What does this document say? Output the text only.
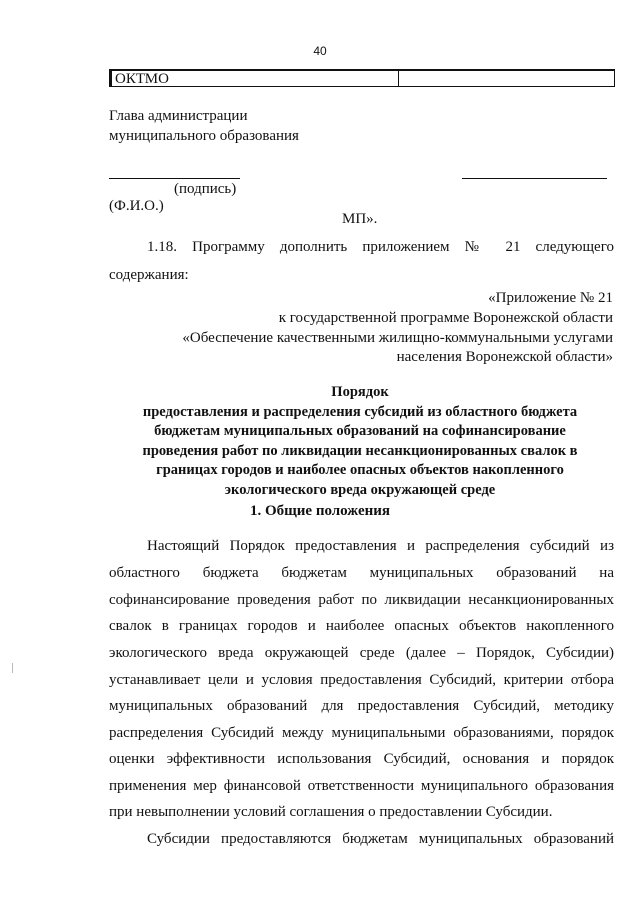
40
ОКТМО
Глава администрации
муниципального образования
(подпись)
(Ф.И.О.)
МП».
1.18. Программу дополнить приложением № 21 следующего
содержания:
«Приложение № 21
к государственной программе Воронежской области
«Обеспечение качественными жилищно-коммунальными услугами
населения Воронежской области»
Порядок
предоставления и распределения субсидий из областного бюджета
бюджетам муниципальных образований на софинансирование
проведения работ по ликвидации несанкционированных свалок в
границах городов и наиболее опасных объектов накопленного
экологического вреда окружающей среде
1. Общие положения
Настоящий Порядок предоставления и распределения субсидий из
областного бюджета бюджетам муниципальных образований на
софинансирование проведения работ по ликвидации несанкционированных
свалок в границах городов и наиболее опасных объектов накопленного
экологического вреда окружающей среде (далее – Порядок, Субсидии)
устанавливает цели и условия предоставления Субсидий, критерии отбора
муниципальных образований для предоставления Субсидий, методику
распределения Субсидий между муниципальными образованиями, порядок
оценки эффективности использования Субсидий, основания и порядок
применения мер финансовой ответственности муниципального образования
при невыполнении условий соглашения о предоставлении Субсидии.
Субсидии предоставляются бюджетам муниципальных образований
